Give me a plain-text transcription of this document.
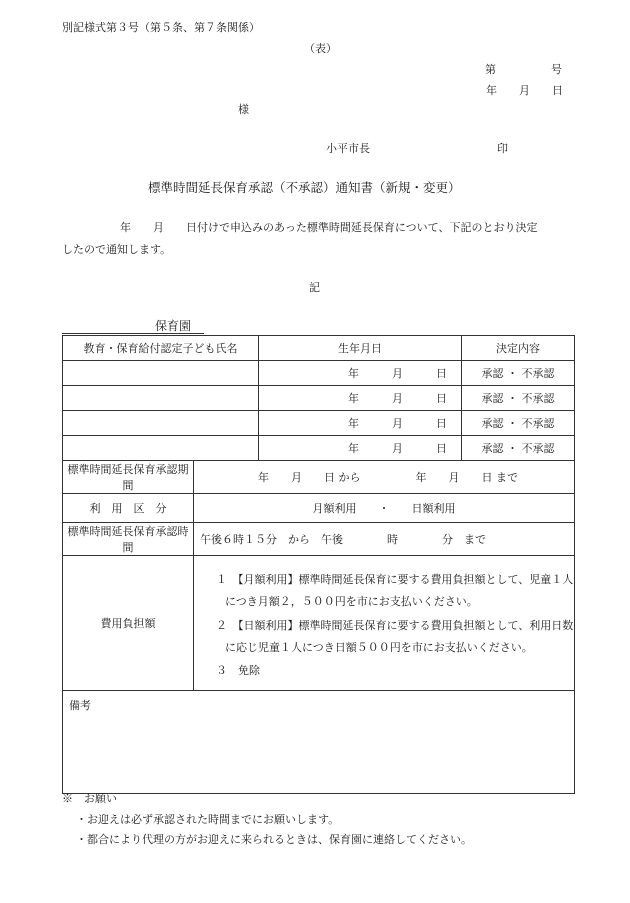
別記様式第３号（第５条、第７条関係）
（表）
第　　　　　号
年　　月　　日
様
小平市長	印
標準時間延長保育承認（不承認）通知書（新規・変更）
年　　月　　日付けで申込みのあった標準時間延長保育について、下記のとおり決定
したので通知します。
記
保育園
教育・保育給付認定子ども氏名		生年月日	決定内容
		年　　　月　　　日	承認 ・ 不承認
		年　　　月　　　日	承認 ・ 不承認
		年　　　月　　　日	承認 ・ 不承認
		年　　　月　　　日	承認 ・ 不承認
標準時間延長保育承認期間	年　　月　　日 から　　　　　年　　月　　日 まで		
利　用　区　分	月額利用　　・　　日額利用		
標準時間延長保育承認時間	午後６時１５分　から　午後　　　　時　　　　分　まで		
費用負担額	１　【月額利用】標準時間延長保育に要する費用負担額として、児童１人
につき月額２，５００円を市にお支払いください。
２　【日額利用】標準時間延長保育に要する費用負担額として、利用日数
に応じ児童１人につき日額５００円を市にお支払いください。
３　免除		

備考			
※　お願い
・お迎えは必ず承認された時間までにお願いします。
・都合により代理の方がお迎えに来られるときは、保育園に連絡してください。
